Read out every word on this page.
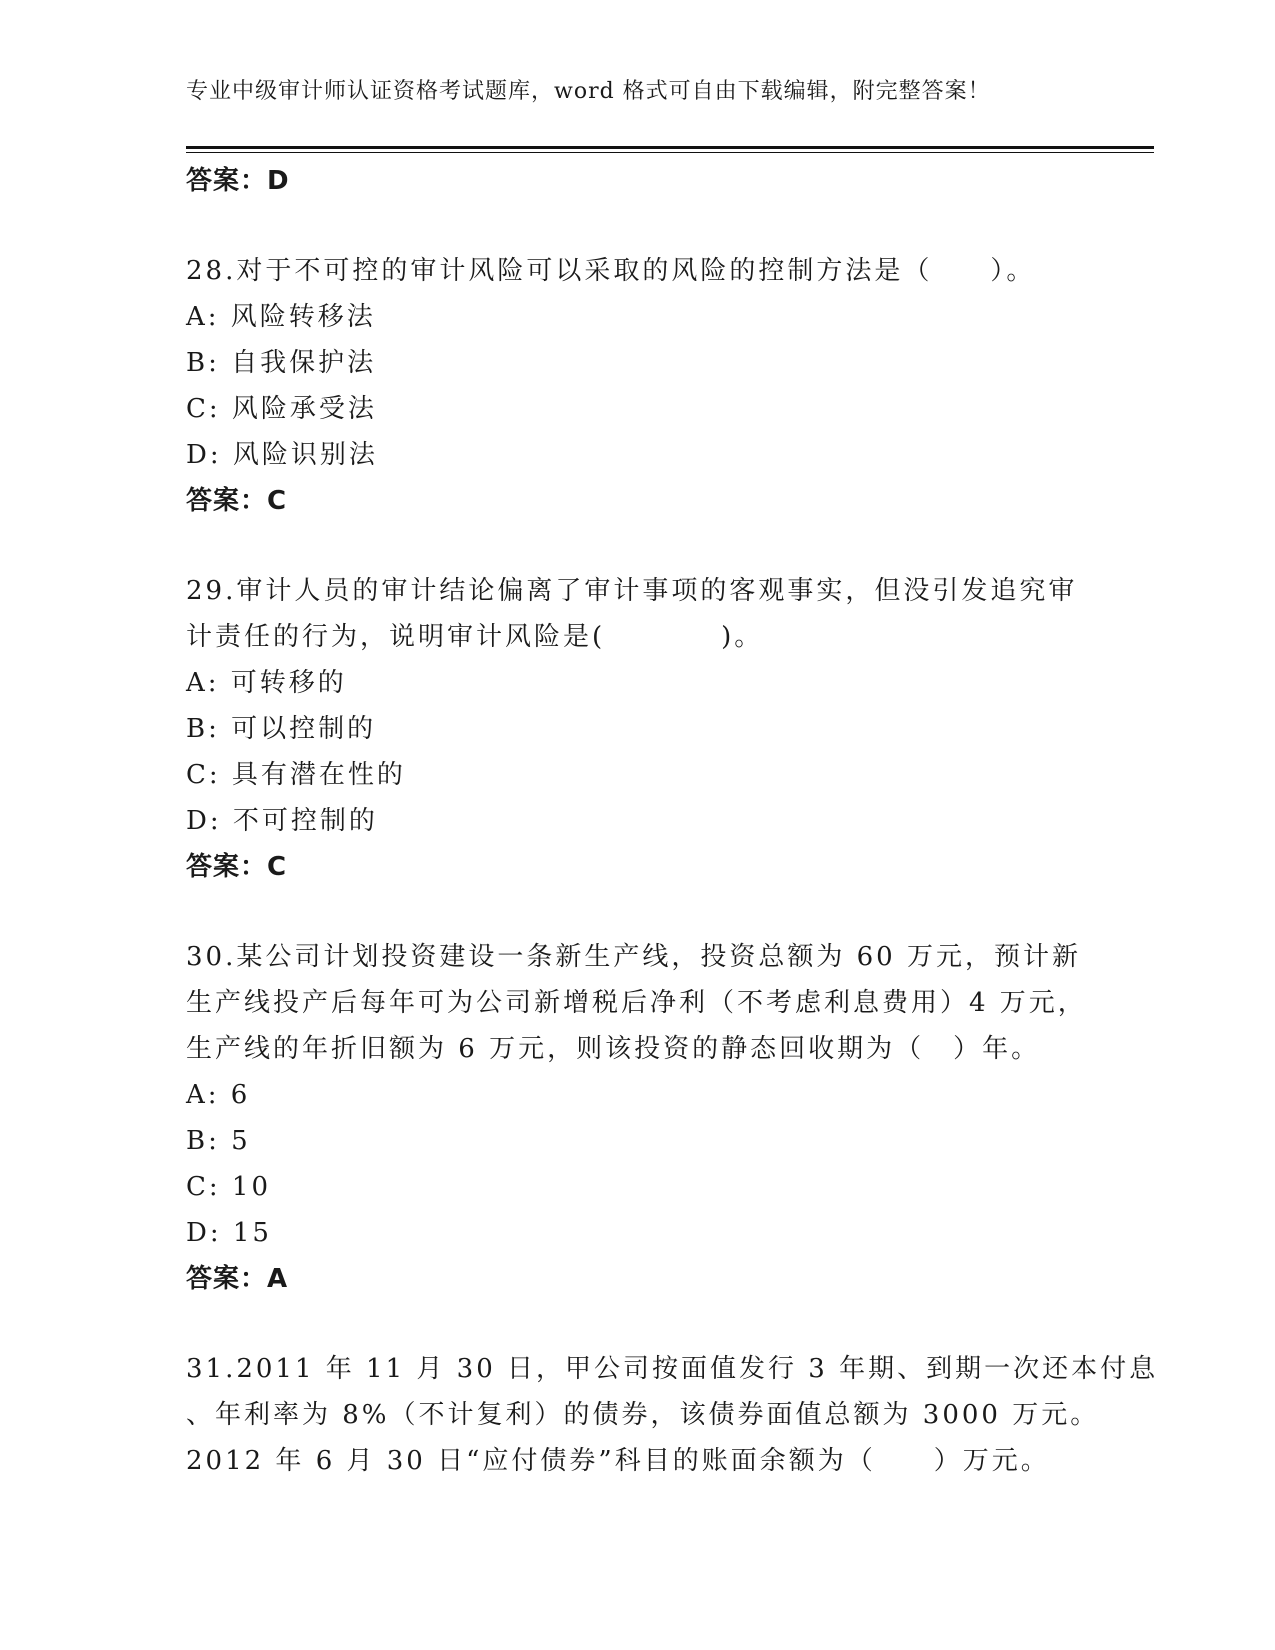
专业中级审计师认证资格考试题库，word 格式可自由下载编辑，附完整答案！
答案：D
28.对于不可控的审计风险可以采取的风险的控制方法是（　　）。
A: 风险转移法
B: 自我保护法
C: 风险承受法
D: 风险识别法
答案：C
29.审计人员的审计结论偏离了审计事项的客观事实，但没引发追究审
计责任的行为，说明审计风险是(　　　　)。
A: 可转移的
B: 可以控制的
C: 具有潜在性的
D: 不可控制的
答案：C
30.某公司计划投资建设一条新生产线，投资总额为 60 万元，预计新
生产线投产后每年可为公司新增税后净利（不考虑利息费用）4 万元，
生产线的年折旧额为 6 万元，则该投资的静态回收期为（　）年。
A: 6
B: 5
C: 10
D: 15
答案：A
31.2011 年 11 月 30 日，甲公司按面值发行 3 年期、到期一次还本付息
、年利率为 8%（不计复利）的债券，该债券面值总额为 3000 万元。
2012 年 6 月 30 日“应付债券”科目的账面余额为（　　）万元。
